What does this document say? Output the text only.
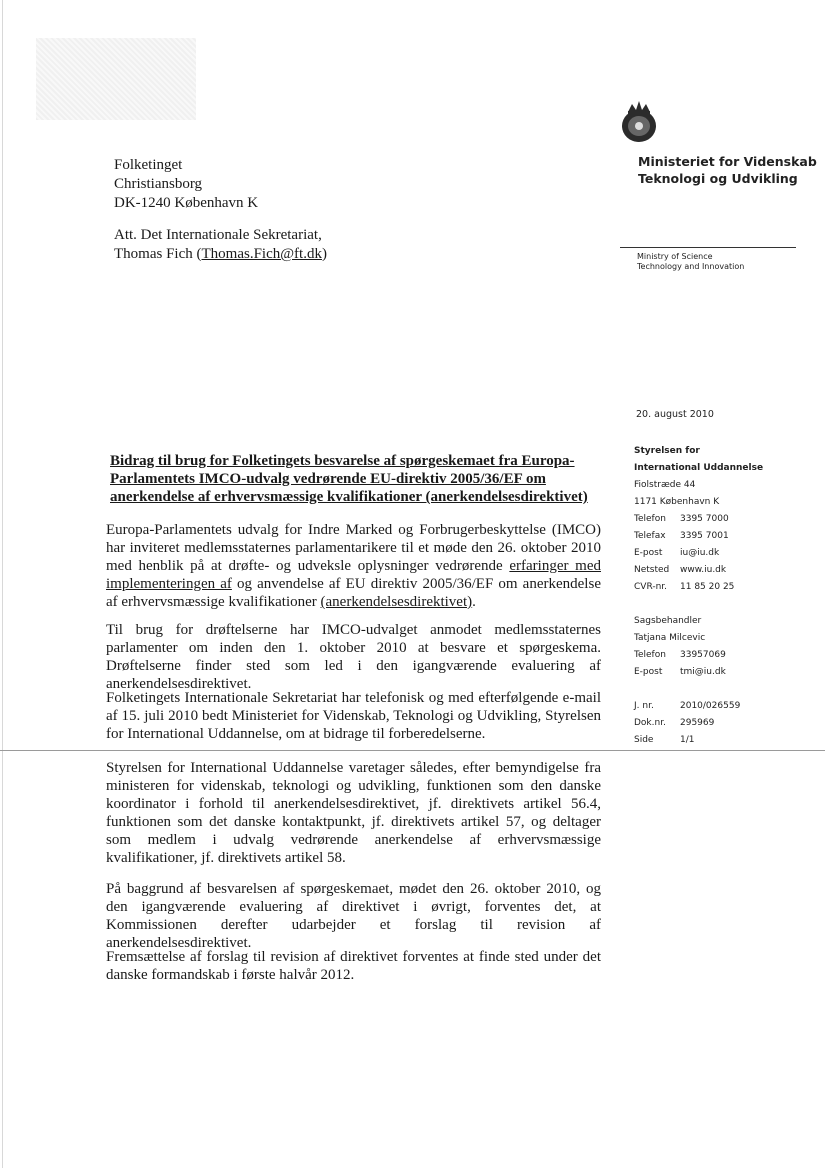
Folketinget
Christiansborg
DK-1240 København K
Att. Det Internationale Sekretariat,
Thomas Fich (Thomas.Fich@ft.dk)
Ministeriet for Videnskab
Teknologi og Udvikling
Ministry of Science
Technology and Innovation
20. august 2010
Styrelsen for
International Uddannelse
Fiolstræde 44
1171 København K
Telefon	3395 7000
Telefax	3395 7001
E-post	iu@iu.dk
Netsted	www.iu.dk
CVR-nr.	11 85 20 25
Sagsbehandler
Tatjana Milcevic
Telefon	33957069
E-post	tmi@iu.dk
J. nr.	2010/026559
Dok.nr.	295969
Side	1/1
Bidrag til brug for Folketingets besvarelse af spørgeskemaet fra Europa-Parlamentets IMCO-udvalg vedrørende EU-direktiv 2005/36/EF om anerkendelse af erhvervsmæssige kvalifikationer (anerkendelsesdirektivet)
Europa-Parlamentets udvalg for Indre Marked og Forbrugerbeskyttelse (IMCO) har inviteret medlemsstaternes parlamentarikere til et møde den 26. oktober 2010 med henblik på at drøfte- og udveksle oplysninger vedrørende erfaringer med implementeringen af og anvendelse af EU direktiv 2005/36/EF om anerkendelse af erhvervsmæssige kvalifikationer (anerkendelsesdirektivet).
Til brug for drøftelserne har IMCO-udvalget anmodet medlemsstaternes parlamenter om inden den 1. oktober 2010 at besvare et spørgeskema. Drøftelserne finder sted som led i den igangværende evaluering af anerkendelsesdirektivet.
Folketingets Internationale Sekretariat har telefonisk og med efterfølgende e-mail af 15. juli 2010 bedt Ministeriet for Videnskab, Teknologi og Udvikling, Styrelsen for International Uddannelse, om at bidrage til forberedelserne.
Styrelsen for International Uddannelse varetager således, efter bemyndigelse fra ministeren for videnskab, teknologi og udvikling, funktionen som den danske koordinator i forhold til anerkendelsesdirektivet, jf. direktivets artikel 56.4, funktionen som det danske kontaktpunkt, jf. direktivets artikel 57, og deltager som medlem i udvalg vedrørende anerkendelse af erhvervsmæssige kvalifikationer, jf. direktivets artikel 58.
På baggrund af besvarelsen af spørgeskemaet, mødet den 26. oktober 2010, og den igangværende evaluering af direktivet i øvrigt, forventes det, at Kommissionen derefter udarbejder et forslag til revision af anerkendelsesdirektivet.
Fremsættelse af forslag til revision af direktivet forventes at finde sted under det danske formandskab i første halvår 2012.
